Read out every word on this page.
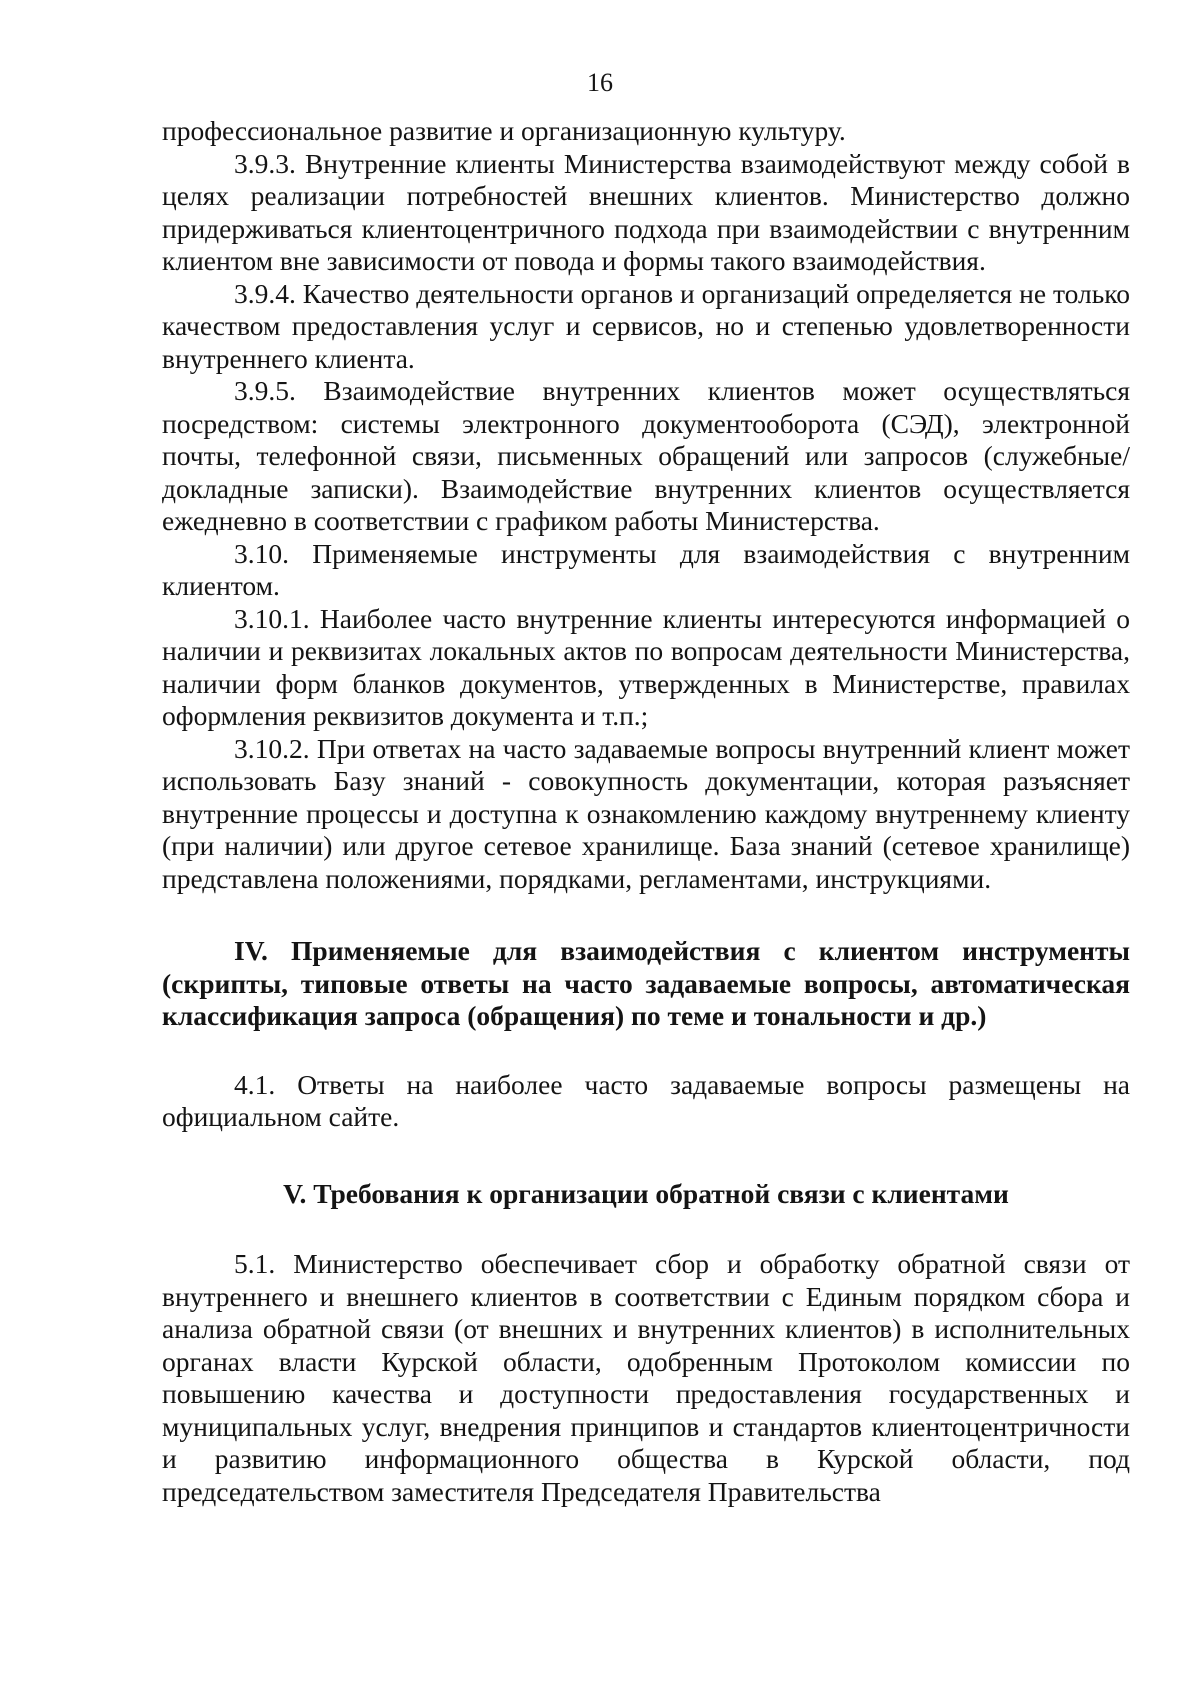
16

профессиональное развитие и организационную культуру.

3.9.3. Внутренние клиенты Министерства взаимодействуют между собой в целях реализации потребностей внешних клиентов. Министерство должно придерживаться клиентоцентричного подхода при взаимодействии с внутренним клиентом вне зависимости от повода и формы такого взаимодействия.

3.9.4. Качество деятельности органов и организаций определяется не только качеством предоставления услуг и сервисов, но и степенью удовлетворенности внутреннего клиента.

3.9.5. Взаимодействие внутренних клиентов может осуществляться посредством: системы электронного документооборота (СЭД), электронной почты, телефонной связи, письменных обращений или запросов (служебные/докладные записки). Взаимодействие внутренних клиентов осуществляется ежедневно в соответствии с графиком работы Министерства.

3.10. Применяемые инструменты для взаимодействия с внутренним клиентом.

3.10.1. Наиболее часто внутренние клиенты интересуются информацией о наличии и реквизитах локальных актов по вопросам деятельности Министерства, наличии форм бланков документов, утвержденных в Министерстве, правилах оформления реквизитов документа и т.п.;

3.10.2. При ответах на часто задаваемые вопросы внутренний клиент может использовать Базу знаний - совокупность документации, которая разъясняет внутренние процессы и доступна к ознакомлению каждому внутреннему клиенту (при наличии) или другое сетевое хранилище. База знаний (сетевое хранилище) представлена положениями, порядками, регламентами, инструкциями.

IV. Применяемые для взаимодействия с клиентом инструменты (скрипты, типовые ответы на часто задаваемые вопросы, автоматическая классификация запроса (обращения) по теме и тональности и др.)

4.1. Ответы на наиболее часто задаваемые вопросы размещены на официальном сайте.

V. Требования к организации обратной связи с клиентами

5.1. Министерство обеспечивает сбор и обработку обратной связи от внутреннего и внешнего клиентов в соответствии с Единым порядком сбора и анализа обратной связи (от внешних и внутренних клиентов) в исполнительных органах власти Курской области, одобренным Протоколом комиссии по повышению качества и доступности предоставления государственных и муниципальных услуг, внедрения принципов и стандартов клиентоцентричности и развитию информационного общества в Курской области, под председательством заместителя Председателя Правительства
